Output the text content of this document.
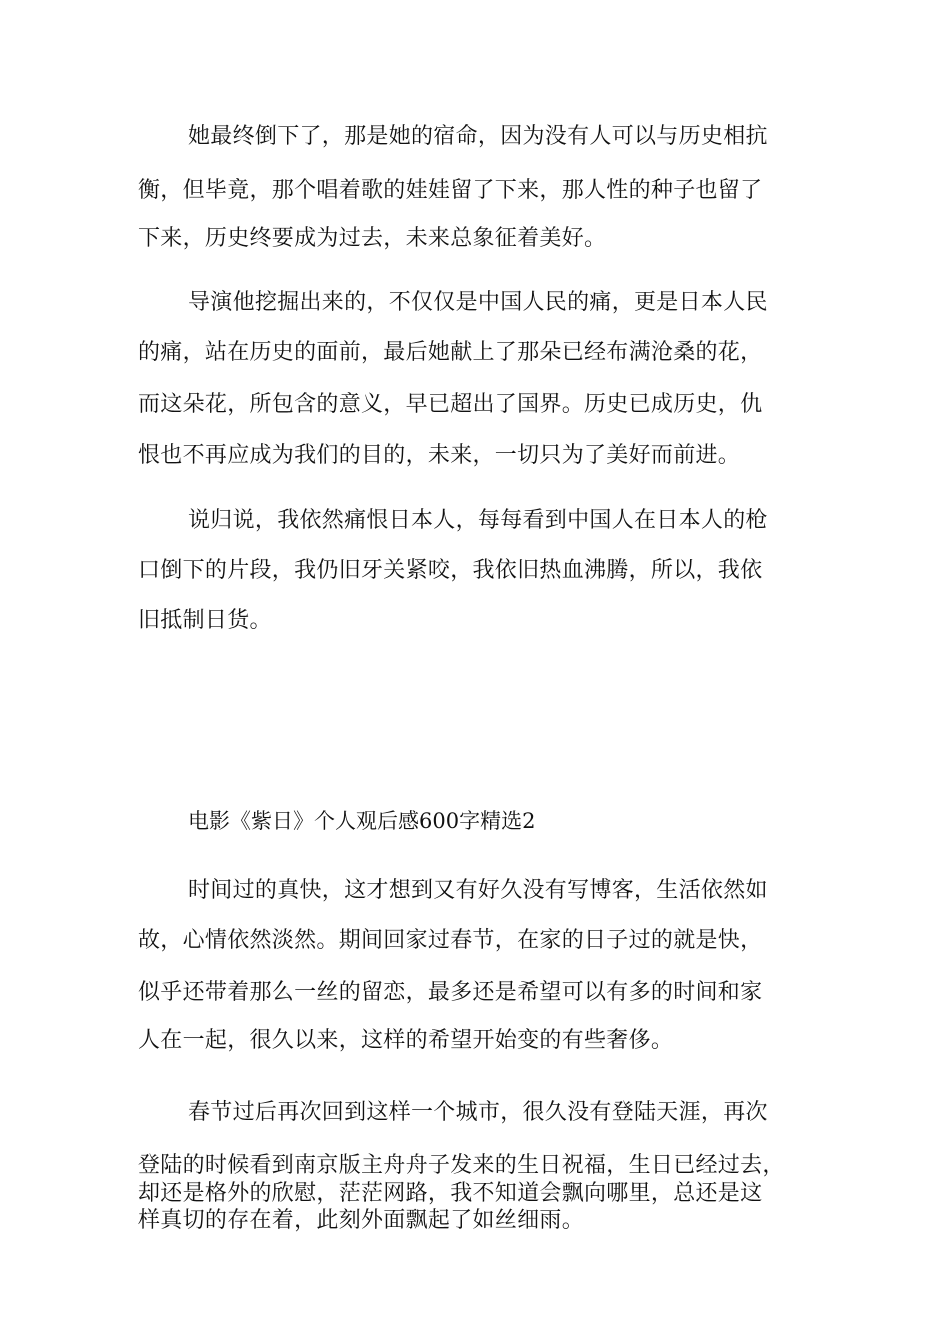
她最终倒下了，那是她的宿命，因为没有人可以与历史相抗
衡，但毕竟，那个唱着歌的娃娃留了下来，那人性的种子也留了
下来，历史终要成为过去，未来总象征着美好。
导演他挖掘出来的，不仅仅是中国人民的痛，更是日本人民
的痛，站在历史的面前，最后她献上了那朵已经布满沧桑的花，
而这朵花，所包含的意义，早已超出了国界。历史已成历史，仇
恨也不再应成为我们的目的，未来，一切只为了美好而前进。
说归说，我依然痛恨日本人，每每看到中国人在日本人的枪
口倒下的片段，我仍旧牙关紧咬，我依旧热血沸腾，所以，我依
旧抵制日货。
电影《紫日》个人观后感600字精选2
时间过的真快，这才想到又有好久没有写博客，生活依然如
故，心情依然淡然。期间回家过春节，在家的日子过的就是快，
似乎还带着那么一丝的留恋，最多还是希望可以有多的时间和家
人在一起，很久以来，这样的希望开始变的有些奢侈。
春节过后再次回到这样一个城市，很久没有登陆天涯，再次
登陆的时候看到南京版主舟舟子发来的生日祝福，生日已经过去，
却还是格外的欣慰，茫茫网路，我不知道会飘向哪里，总还是这
样真切的存在着，此刻外面飘起了如丝细雨。
